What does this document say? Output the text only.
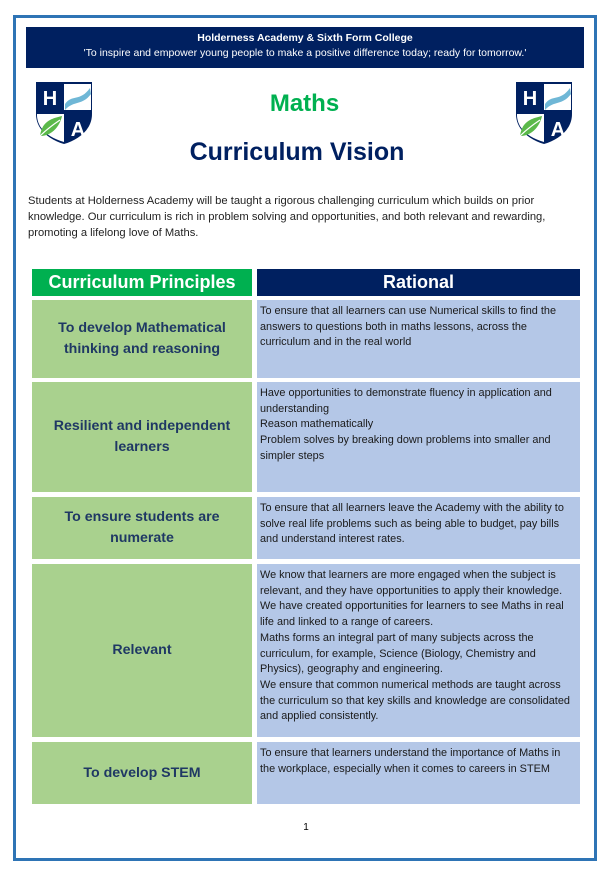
Holderness Academy & Sixth Form College
'To inspire and empower young people to make a positive difference today; ready for tomorrow.'
H
A
H
A
Maths
Curriculum Vision

Students at Holderness Academy will be taught a rigorous challenging curriculum which builds on prior knowledge. Our curriculum is rich in problem solving and opportunities, and both relevant and rewarding, promoting a lifelong love of Maths.

Curriculum Principles	Rational
To develop Mathematical thinking and reasoning
To ensure that all learners can use Numerical skills to find the answers to questions both in maths lessons, across the curriculum and in the real world
Resilient and independent learners
Have opportunities to demonstrate fluency in application and understanding
Reason mathematically
Problem solves by breaking down problems into smaller and simpler steps
To ensure students are numerate
To ensure that all learners leave the Academy with the ability to solve real life problems such as being able to budget, pay bills and understand interest rates.
Relevant
We know that learners are more engaged when the subject is relevant, and they have opportunities to apply their knowledge.
We have created opportunities for learners to see Maths in real life and linked to a range of careers.
Maths forms an integral part of many subjects across the curriculum, for example, Science (Biology, Chemistry and Physics), geography and engineering.
We ensure that common numerical methods are taught across the curriculum so that key skills and knowledge are consolidated and applied consistently.
To develop STEM
To ensure that learners understand the importance of Maths in the workplace, especially when it comes to careers in STEM
1
